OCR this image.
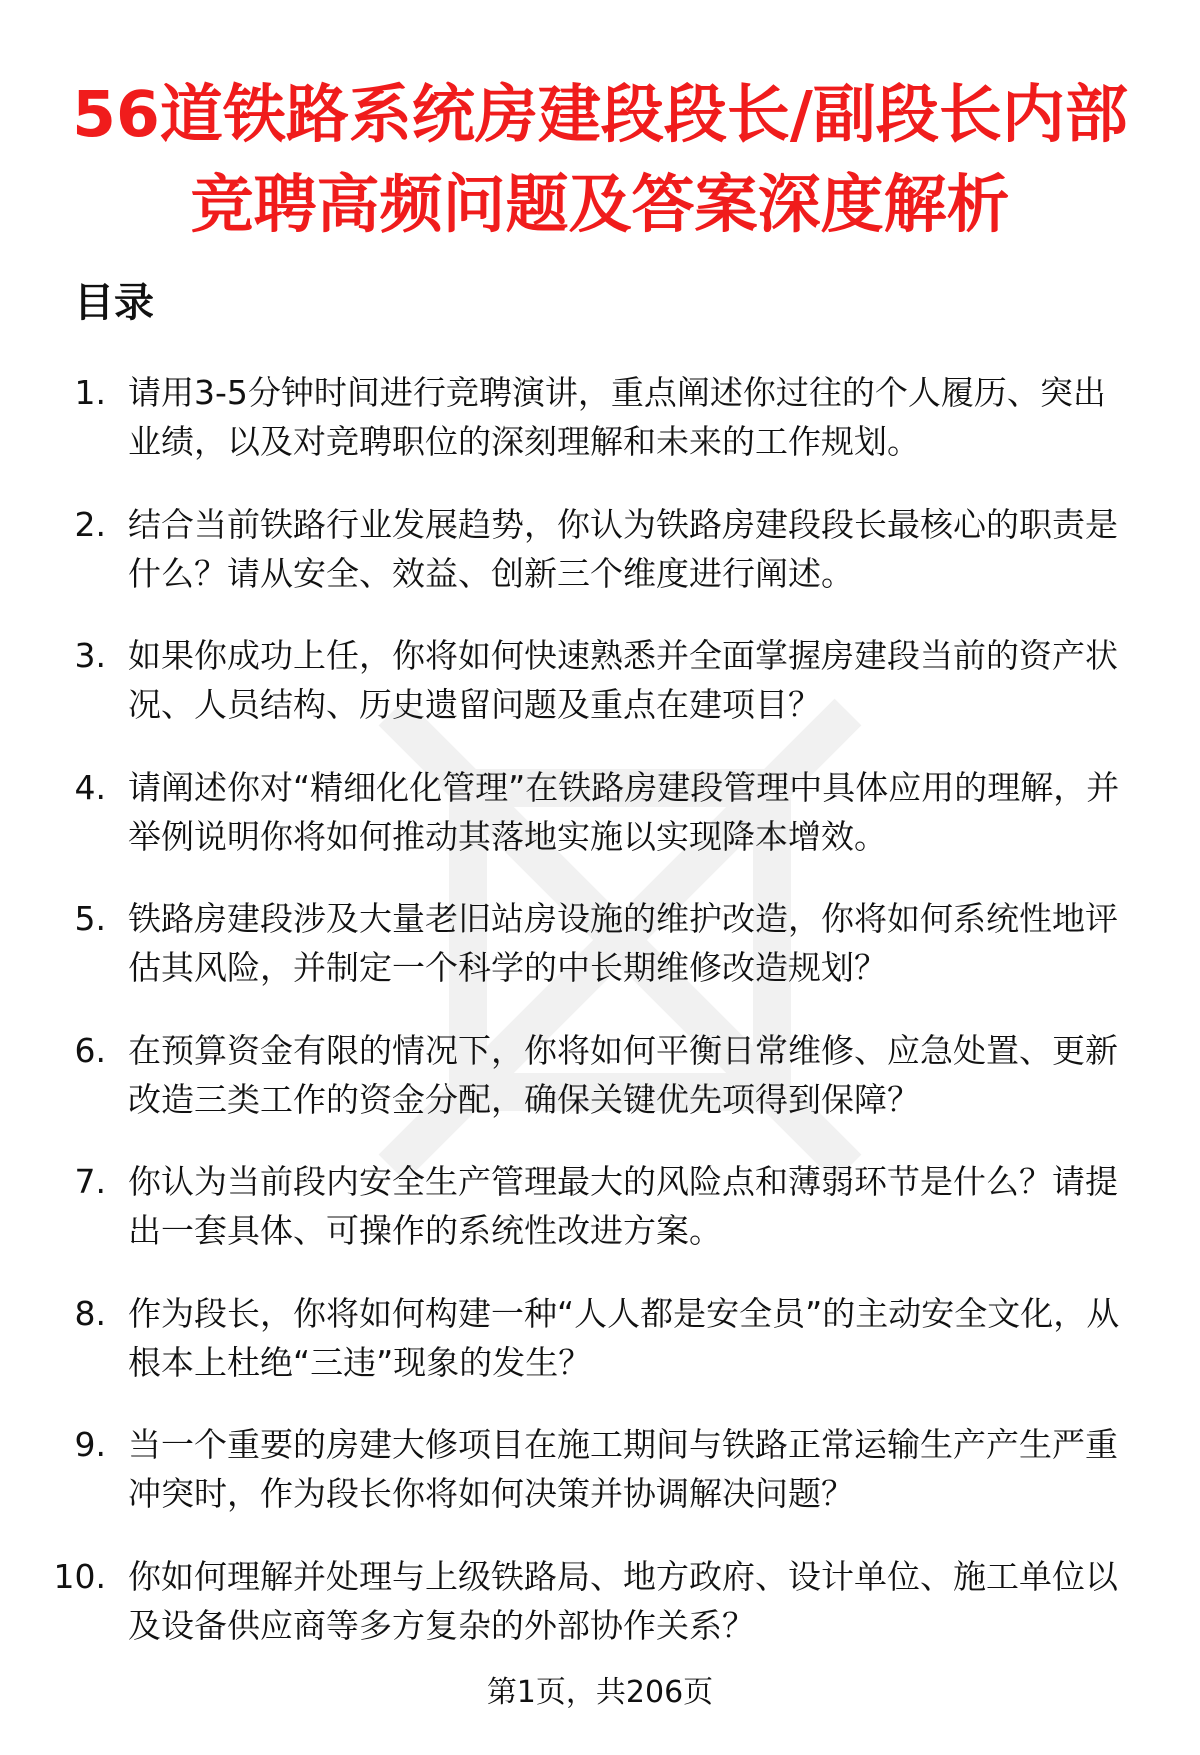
56道铁路系统房建段段长/副段长内部竞聘高频问题及答案深度解析
目录
1. 请用3-5分钟时间进行竞聘演讲，重点阐述你过往的个人履历、突出业绩，以及对竞聘职位的深刻理解和未来的工作规划。
2. 结合当前铁路行业发展趋势，你认为铁路房建段段长最核心的职责是什么？请从安全、效益、创新三个维度进行阐述。
3. 如果你成功上任，你将如何快速熟悉并全面掌握房建段当前的资产状况、人员结构、历史遗留问题及重点在建项目？
4. 请阐述你对“精细化化管理”在铁路房建段管理中具体应用的理解，并举例说明你将如何推动其落地实施以实现降本增效。
5. 铁路房建段涉及大量老旧站房设施的维护改造，你将如何系统性地评估其风险，并制定一个科学的中长期维修改造规划？
6. 在预算资金有限的情况下，你将如何平衡日常维修、应急处置、更新改造三类工作的资金分配，确保关键优先项得到保障？
7. 你认为当前段内安全生产管理最大的风险点和薄弱环节是什么？请提出一套具体、可操作的系统性改进方案。
8. 作为段长，你将如何构建一种“人人都是安全员”的主动安全文化，从根本上杜绝“三违”现象的发生？
9. 当一个重要的房建大修项目在施工期间与铁路正常运输生产产生严重冲突时，作为段长你将如何决策并协调解决问题？
10. 你如何理解并处理与上级铁路局、地方政府、设计单位、施工单位以及设备供应商等多方复杂的外部协作关系？
第1页，共206页
